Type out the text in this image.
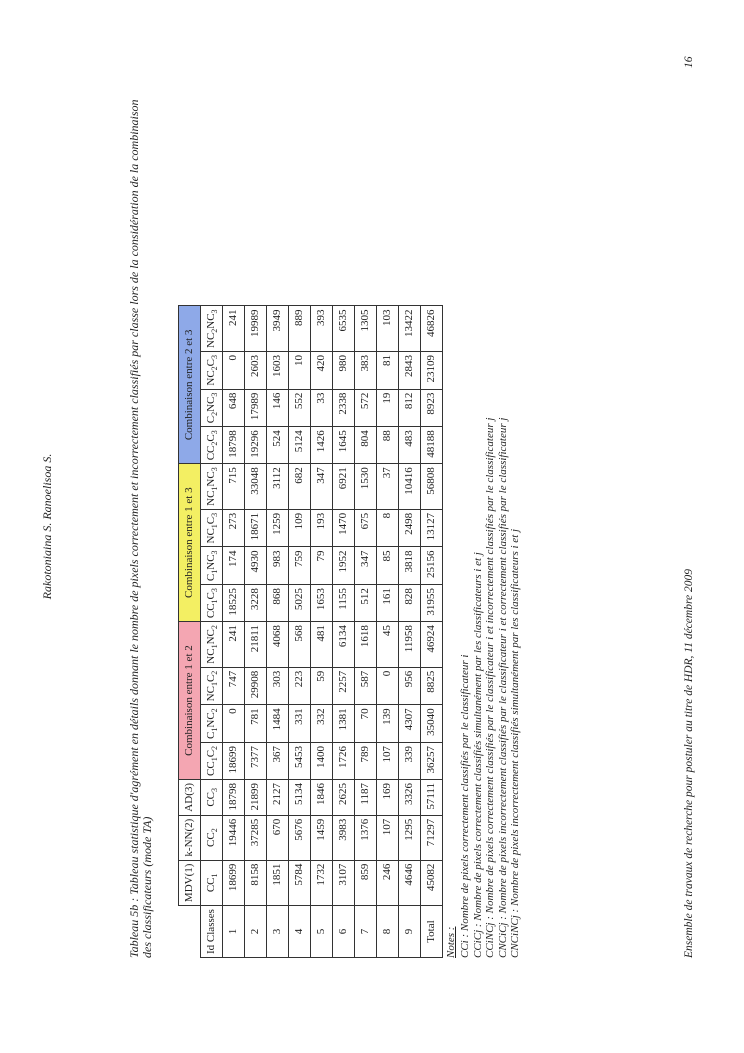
Rakotoniaina S. Ranoelisoa S.	Tableau 5b : Tableau statistique d'agrément en détails donnant le nombre de pixels correctement et incorrectement classifiés par classe lors de la considération de la combinaison des classificateurs (mode TA)
		MDV(1)	k-NN(2)	AD(3)	Combinaison entre 1 et 2				Combinaison entre 1 et 3				Combinaison entre 2 et 3			
Id Classes	$CC_1$	$CC_2$	$CC_3$	$CC_1C_2$	$C_1NC_2$	$NC_1C_2$	$NC_1NC_2$	$CC_1C_3$	$C_1NC_3$	$NC_1C_3$	$NC_1NC_3$	$CC_2C_3$	$C_2NC_3$	$NC_2C_3$	$NC_2NC_3$
1	18699	19446	18798	18699	0	747	241	18525	174	273	715	18798	648	0	241
2	8158	37285	21899	7377	781	29908	21811	3228	4930	18671	33048	19296	17989	2603	19989
3	1851	670	2127	367	1484	303	4068	868	983	1259	3112	524	146	1603	3949
4	5784	5676	5134	5453	331	223	568	5025	759	109	682	5124	552	10	889
5	1732	1459	1846	1400	332	59	481	1653	79	193	347	1426	33	420	393
6	3107	3983	2625	1726	1381	2257	6134	1155	1952	1470	6921	1645	2338	980	6535
7	859	1376	1187	789	70	587	1618	512	347	675	1530	804	572	383	1305
8	246	107	169	107	139	0	45	161	85	8	37	88	19	81	103
9	4646	1295	3326	339	4307	956	11958	828	3818	2498	10416	483	812	2843	13422
Total	45082	71297	57111	36257	35040	8825	46924	31955	25156	13127	56808	48188	8923	23109	46826
Notes : CCi : Nombre de pixels correctement classifiés par le classificateur i CCiCj : Nombre de pixels correctement classifiés simultanément par les classificateurs i et j CCiNCj : Nombre de pixels correctement classifiés par le classificateur i et incorrectement classifiés par le classificateur j CNCiCj : Nombre de pixels incorrectement classifiés par le classificateur i et correctement classifiés par le classificateur j CNCiNCj : Nombre de pixels incorrectement classifiés simultanément par les classificateurs i et j	Ensemble de travaux de recherche pour postuler au titre de HDR, 11 décembre 2009
16
